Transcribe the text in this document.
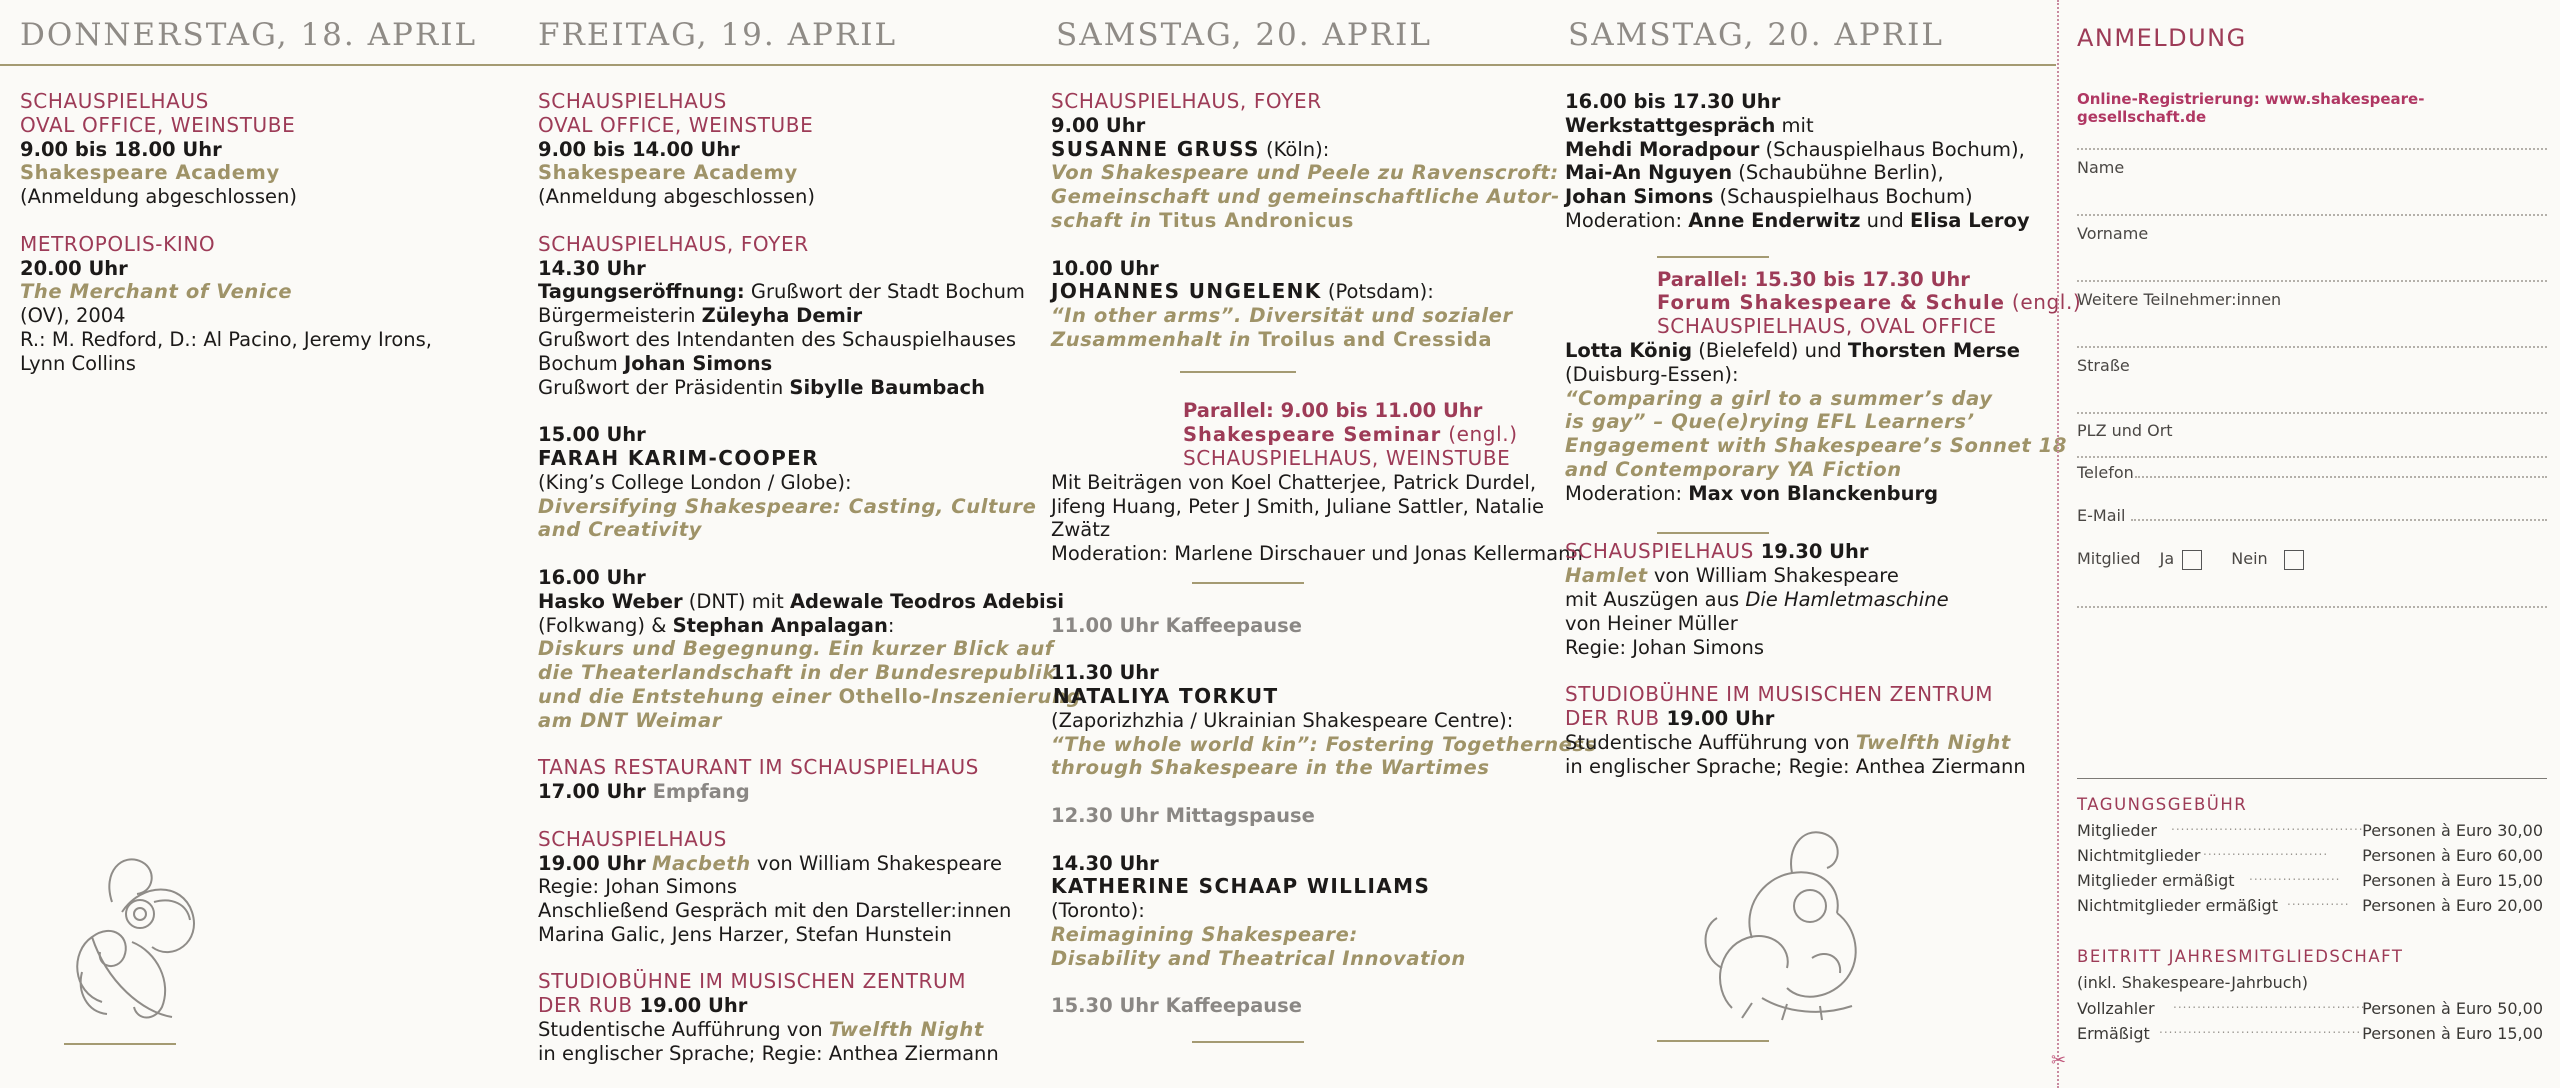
DONNERSTAG, 18. APRIL
SCHAUSPIELHAUS
OVAL OFFICE, WEINSTUBE
9.00 bis 18.00 Uhr
Shakespeare Academy
(Anmeldung abgeschlossen)
METROPOLIS-KINO
20.00 Uhr
The Merchant of Venice
(OV), 2004
R.: M. Redford, D.: Al Pacino, Jeremy Irons,
Lynn Collins
FREITAG, 19. APRIL
SCHAUSPIELHAUS
OVAL OFFICE, WEINSTUBE
9.00 bis 14.00 Uhr
Shakespeare Academy
(Anmeldung abgeschlossen)
SCHAUSPIELHAUS, FOYER
14.30 Uhr
Tagungseröffnung: Grußwort der Stadt Bochum
Bürgermeisterin Züleyha Demir
Grußwort des Intendanten des Schauspielhauses
Bochum Johan Simons
Grußwort der Präsidentin Sibylle Baumbach
15.00 Uhr
FARAH KARIM-COOPER
(King’s College London / Globe):
Diversifying Shakespeare: Casting, Culture
and Creativity
16.00 Uhr
Hasko Weber (DNT) mit Adewale Teodros Adebisi
(Folkwang) & Stephan Anpalagan:
Diskurs und Begegnung. Ein kurzer Blick auf
die Theaterlandschaft in der Bundesrepublik
und die Entstehung einer Othello-Inszenierung
am DNT Weimar
TANAS RESTAURANT IM SCHAUSPIELHAUS
17.00 Uhr Empfang
SCHAUSPIELHAUS
19.00 Uhr Macbeth von William Shakespeare
Regie: Johan Simons
Anschließend Gespräch mit den Darsteller:innen
Marina Galic, Jens Harzer, Stefan Hunstein
STUDIOBÜHNE IM MUSISCHEN ZENTRUM
DER RUB 19.00 Uhr
Studentische Aufführung von Twelfth Night
in englischer Sprache; Regie: Anthea Ziermann
SAMSTAG, 20. APRIL
SCHAUSPIELHAUS, FOYER
9.00 Uhr
SUSANNE GRUSS (Köln):
Von Shakespeare und Peele zu Ravenscroft:
Gemeinschaft und gemeinschaftliche Autor-
schaft in Titus Andronicus
10.00 Uhr
JOHANNES UNGELENK (Potsdam):
“In other arms”. Diversität und sozialer
Zusammenhalt in Troilus and Cressida
Parallel: 9.00 bis 11.00 Uhr
Shakespeare Seminar (engl.)
SCHAUSPIELHAUS, WEINSTUBE
Mit Beiträgen von Koel Chatterjee, Patrick Durdel,
Jifeng Huang, Peter J Smith, Juliane Sattler, Natalie
Zwätz
Moderation: Marlene Dirschauer und Jonas Kellermann
11.00 Uhr Kaffeepause
11.30 Uhr
NATALIYA TORKUT
(Zaporizhzhia / Ukrainian Shakespeare Centre):
“The whole world kin”: Fostering Togetherness
through Shakespeare in the Wartimes
12.30 Uhr Mittagspause
14.30 Uhr
KATHERINE SCHAAP WILLIAMS
(Toronto):
Reimagining Shakespeare:
Disability and Theatrical Innovation
15.30 Uhr Kaffeepause
SAMSTAG, 20. APRIL
16.00 bis 17.30 Uhr
Werkstattgespräch mit
Mehdi Moradpour (Schauspielhaus Bochum),
Mai-An Nguyen (Schaubühne Berlin),
Johan Simons (Schauspielhaus Bochum)
Moderation: Anne Enderwitz und Elisa Leroy
Parallel: 15.30 bis 17.30 Uhr
Forum Shakespeare & Schule (engl.)
SCHAUSPIELHAUS, OVAL OFFICE
Lotta König (Bielefeld) und Thorsten Merse
(Duisburg-Essen):
“Comparing a girl to a summer’s day
is gay” – Que(e)rying EFL Learners’
Engagement with Shakespeare’s Sonnet 18
and Contemporary YA Fiction
Moderation: Max von Blanckenburg
SCHAUSPIELHAUS 19.30 Uhr
Hamlet von William Shakespeare
mit Auszügen aus Die Hamletmaschine
von Heiner Müller
Regie: Johan Simons
STUDIOBÜHNE IM MUSISCHEN ZENTRUM
DER RUB 19.00 Uhr
Studentische Aufführung von Twelfth Night
in englischer Sprache; Regie: Anthea Ziermann
✂
ANMELDUNG
Online-Registrierung: www.shakespeare-gesellschaft.de
Name
Vorname
Weitere Teilnehmer:innen
Straße
PLZ und Ort
Telefon
E-Mail
Mitglied Ja	Nein
TAGUNGSGEBÜHR
Mitglieder ........................................
Personen à Euro 30,00
Nichtmitglieder .......................... Personen à Euro 60,00
Mitglieder ermäßigt ................... Personen à Euro 15,00
Nichtmitglieder ermäßigt ............. Personen à Euro 20,00
BEITRITT JAHRESMITGLIEDSCHAFT
(inkl. Shakespeare-Jahrbuch)
Vollzahler ........................................
Personen à Euro 50,00
Ermäßigt .......................................... Personen à Euro 15,00
